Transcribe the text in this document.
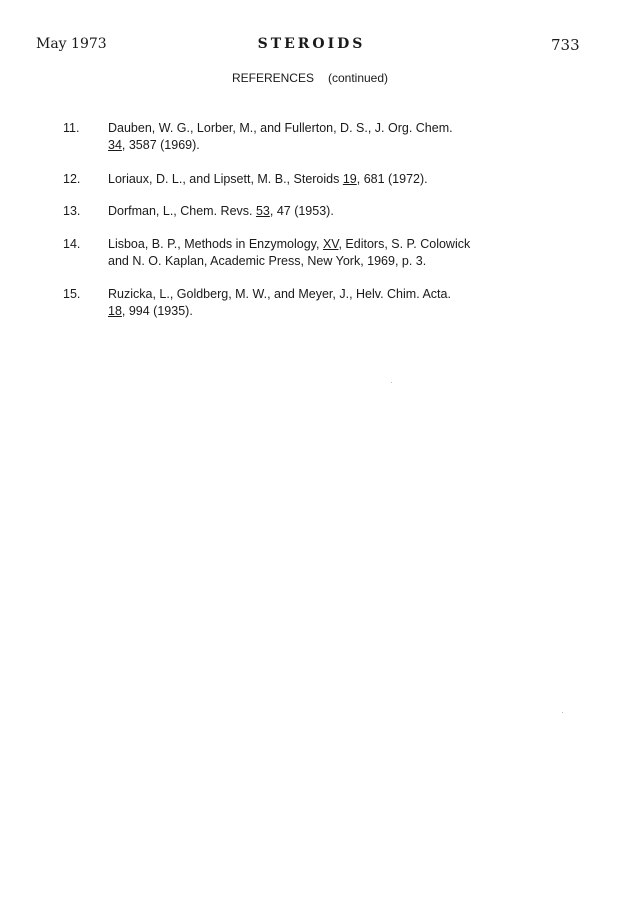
May 1973	STEROIDS	733
REFERENCES (continued)
11. Dauben, W. G., Lorber, M., and Fullerton, D. S., J. Org. Chem.
34, 3587 (1969).
12. Loriaux, D. L., and Lipsett, M. B., Steroids 19, 681 (1972).
13. Dorfman, L., Chem. Revs. 53, 47 (1953).
14. Lisboa, B. P., Methods in Enzymology, XV, Editors, S. P. Colowick
and N. O. Kaplan, Academic Press, New York, 1969, p. 3.
15. Ruzicka, L., Goldberg, M. W., and Meyer, J., Helv. Chim. Acta.
18, 994 (1935).
